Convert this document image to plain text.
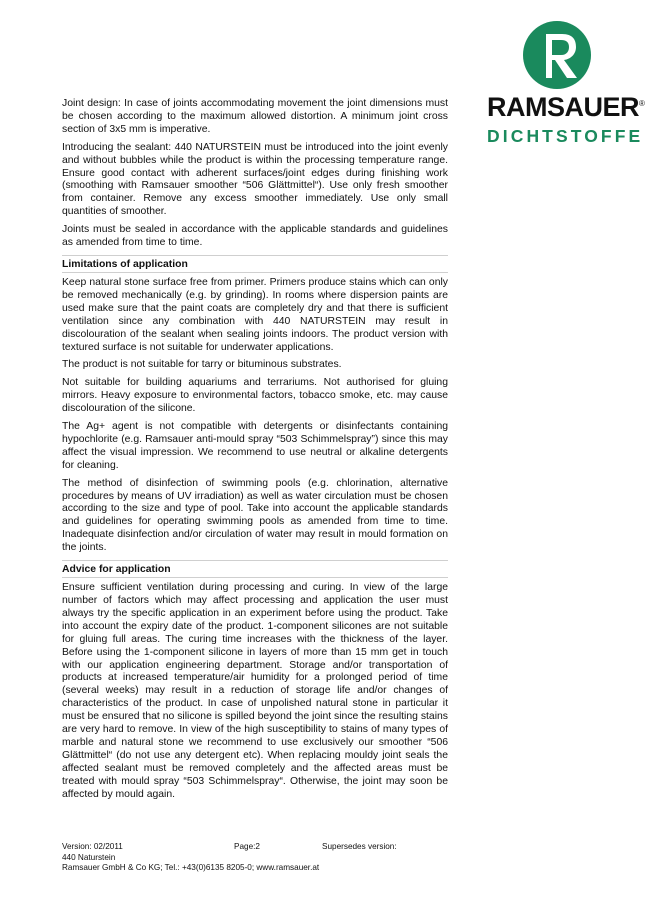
RAMSAUER®
DICHTSTOFFE

Joint design: In case of joints accommodating movement the joint dimensions must be chosen according to the maximum allowed distortion. A minimum joint cross section of 3x5 mm is imperative.

Introducing the sealant: 440 NATURSTEIN must be introduced into the joint evenly and without bubbles while the product is within the processing temperature range. Ensure good contact with adherent surfaces/joint edges during finishing work (smoothing with Ramsauer smoother “506 Glättmittel“). Use only fresh smoother from container. Remove any excess smoother immediately. Use only small quantities of smoother.

Joints must be sealed in accordance with the applicable standards and guidelines as amended from time to time.

Limitations of application

Keep natural stone surface free from primer. Primers produce stains which can only be removed mechanically (e.g. by grinding). In rooms where dispersion paints are used make sure that the paint coats are completely dry and that there is sufficient ventilation since any combination with 440 NATURSTEIN may result in discolouration of the sealant when sealing joints indoors. The product version with textured surface is not suitable for underwater applications.

The product is not suitable for tarry or bituminous substrates.

Not suitable for building aquariums and terrariums. Not authorised for gluing mirrors. Heavy exposure to environmental factors, tobacco smoke, etc. may cause discolouration of the silicone.

The Ag+ agent is not compatible with detergents or disinfectants containing hypochlorite (e.g. Ramsauer anti-mould spray “503 Schimmelspray”) since this may affect the visual impression. We recommend to use neutral or alkaline detergents for cleaning.

The method of disinfection of swimming pools (e.g. chlorination, alternative procedures by means of UV irradiation) as well as water circulation must be chosen according to the size and type of pool. Take into account the applicable standards and guidelines for operating swimming pools as amended from time to time. Inadequate disinfection and/or circulation of water may result in mould formation on the joints.

Advice for application

Ensure sufficient ventilation during processing and curing. In view of the large number of factors which may affect processing and application the user must always try the specific application in an experiment before using the product. Take into account the expiry date of the product. 1-component silicones are not suitable for gluing full areas. The curing time increases with the thickness of the layer. Before using the 1-component silicone in layers of more than 15 mm get in touch with our application engineering department. Storage and/or transportation of products at increased temperature/air humidity for a prolonged period of time (several weeks) may result in a reduction of storage life and/or changes of characteristics of the product. In case of unpolished natural stone in particular it must be ensured that no silicone is spilled beyond the joint since the resulting stains are very hard to remove. In view of the high susceptibility to stains of many types of marble and natural stone we recommend to use exclusively our smoother “506 Glättmittel“ (do not use any detergent etc). When replacing mouldy joint seals the affected sealant must be removed completely and the affected areas must be treated with mould spray “503 Schimmelspray“. Otherwise, the joint may soon be affected by mould again.

Version: 02/2011	Page:2	Supersedes version:
440 Naturstein
Ramsauer GmbH & Co KG; Tel.: +43(0)6135 8205-0; www.ramsauer.at
